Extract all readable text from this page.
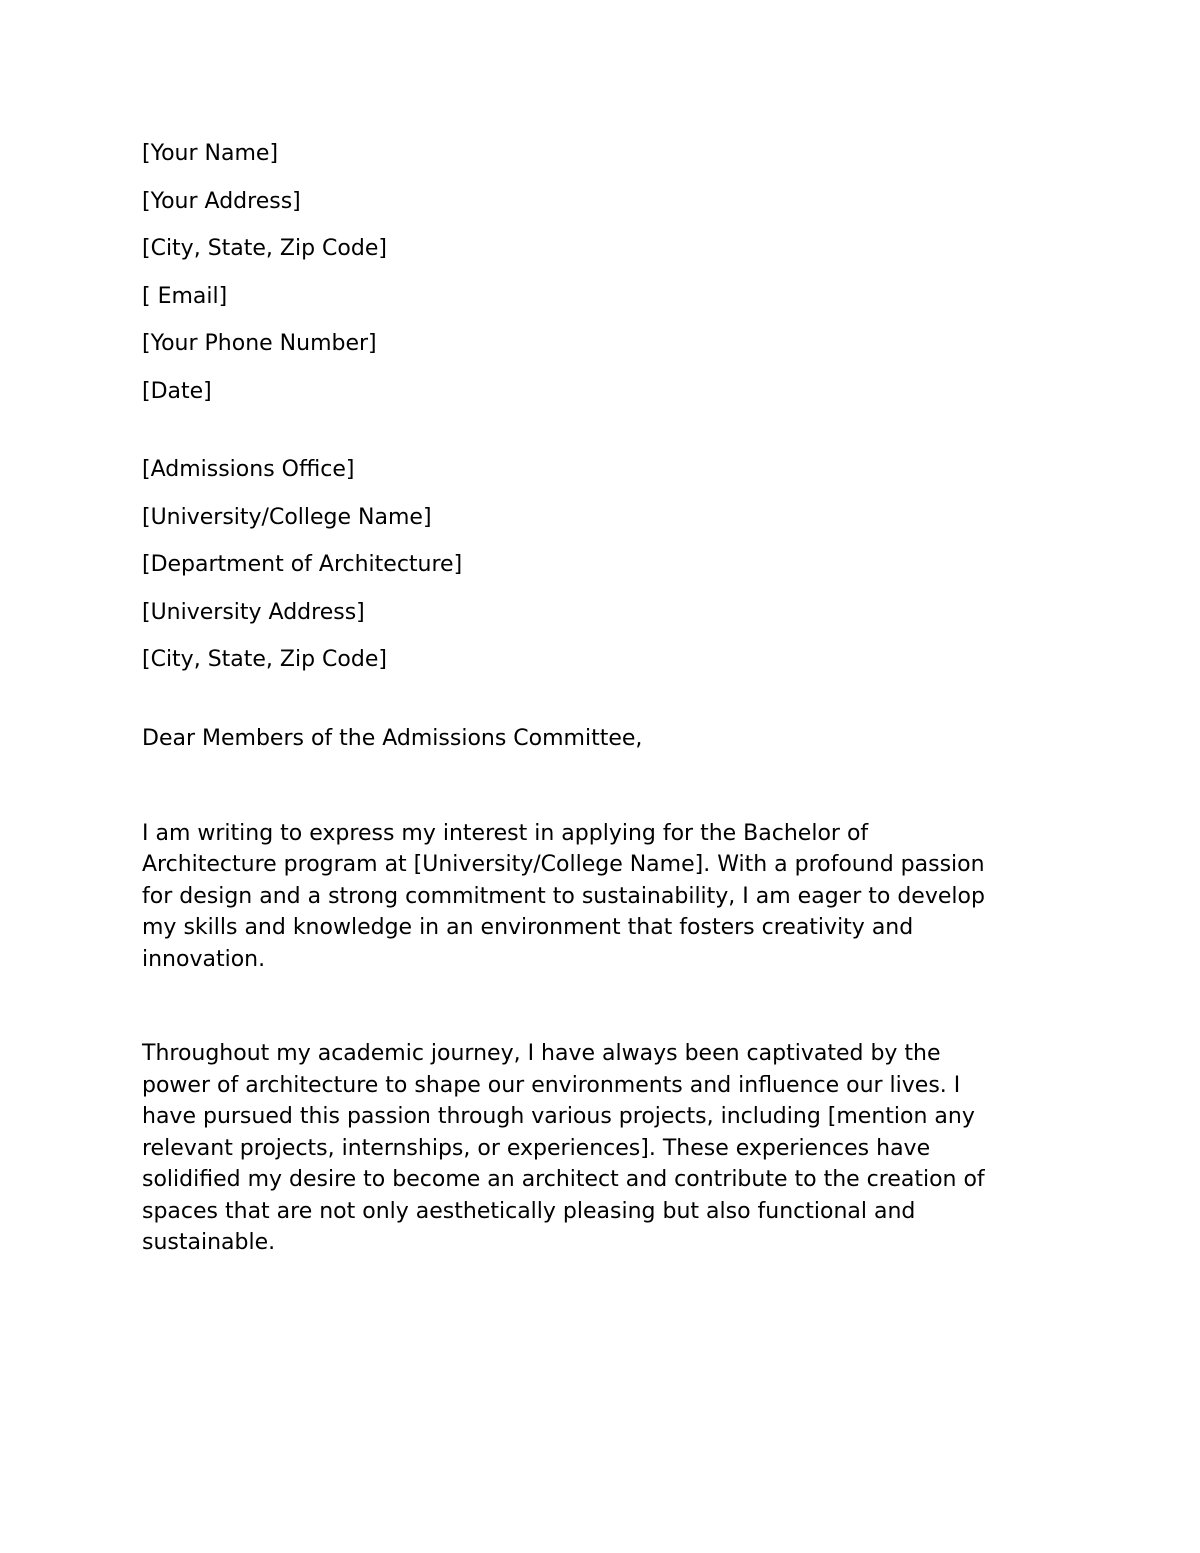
[Your Name]

[Your Address]

[City, State, Zip Code]

[ Email]

[Your Phone Number]

[Date]

[Admissions Office]

[University/College Name]

[Department of Architecture]

[University Address]

[City, State, Zip Code]

Dear Members of the Admissions Committee,

I am writing to express my interest in applying for the Bachelor of
Architecture program at [University/College Name]. With a profound passion
for design and a strong commitment to sustainability, I am eager to develop
my skills and knowledge in an environment that fosters creativity and
innovation.

Throughout my academic journey, I have always been captivated by the
power of architecture to shape our environments and influence our lives. I
have pursued this passion through various projects, including [mention any
relevant projects, internships, or experiences]. These experiences have
solidified my desire to become an architect and contribute to the creation of
spaces that are not only aesthetically pleasing but also functional and
sustainable.
